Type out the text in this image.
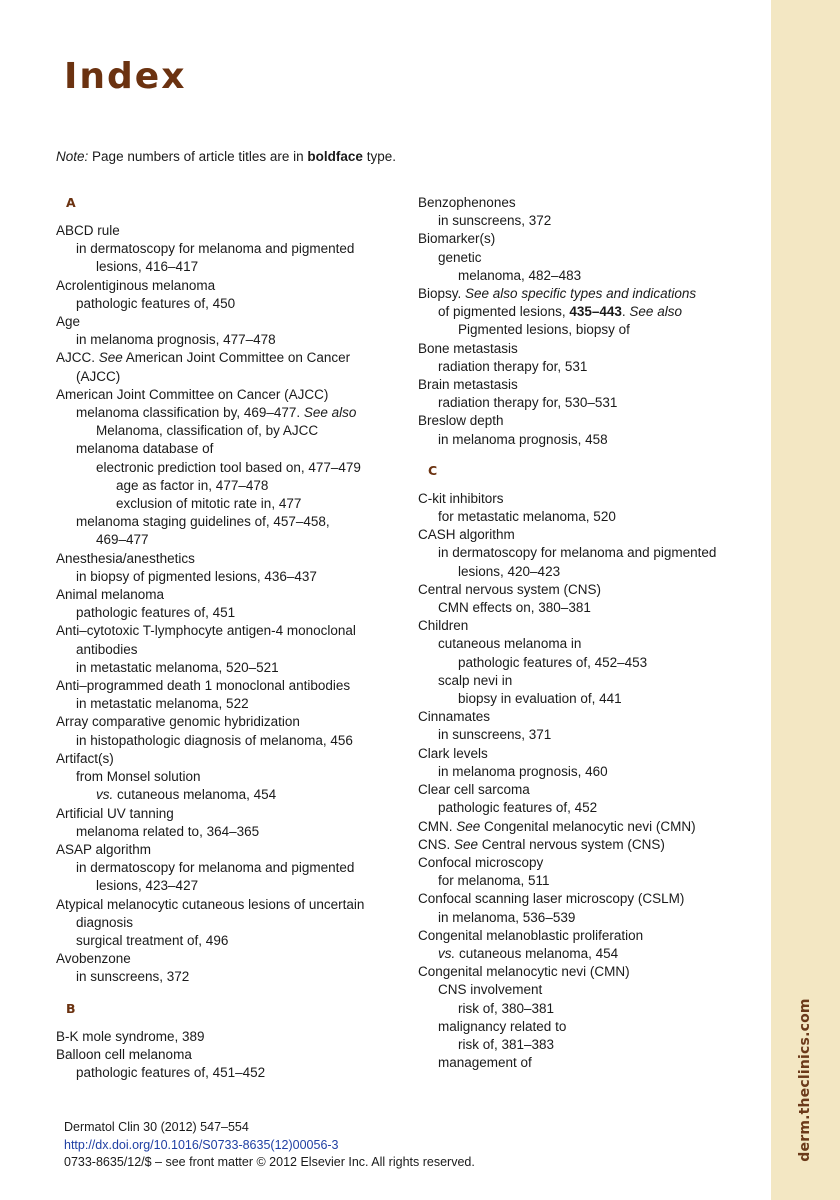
derm.theclinics.com
Index
Note: Page numbers of article titles are in boldface type.
A
ABCD rule
in dermatoscopy for melanoma and pigmented
lesions, 416–417
Acrolentiginous melanoma
pathologic features of, 450
Age
in melanoma prognosis, 477–478
AJCC. See American Joint Committee on Cancer
(AJCC)
American Joint Committee on Cancer (AJCC)
melanoma classification by, 469–477. See also
Melanoma, classification of, by AJCC
melanoma database of
electronic prediction tool based on, 477–479
age as factor in, 477–478
exclusion of mitotic rate in, 477
melanoma staging guidelines of, 457–458,
469–477
Anesthesia/anesthetics
in biopsy of pigmented lesions, 436–437
Animal melanoma
pathologic features of, 451
Anti–cytotoxic T-lymphocyte antigen-4 monoclonal
antibodies
in metastatic melanoma, 520–521
Anti–programmed death 1 monoclonal antibodies
in metastatic melanoma, 522
Array comparative genomic hybridization
in histopathologic diagnosis of melanoma, 456
Artifact(s)
from Monsel solution
vs. cutaneous melanoma, 454
Artificial UV tanning
melanoma related to, 364–365
ASAP algorithm
in dermatoscopy for melanoma and pigmented
lesions, 423–427
Atypical melanocytic cutaneous lesions of uncertain
diagnosis
surgical treatment of, 496
Avobenzone
in sunscreens, 372
B
B-K mole syndrome, 389
Balloon cell melanoma
pathologic features of, 451–452
Benzophenones
in sunscreens, 372
Biomarker(s)
genetic
melanoma, 482–483
Biopsy. See also specific types and indications
of pigmented lesions, 435–443. See also
Pigmented lesions, biopsy of
Bone metastasis
radiation therapy for, 531
Brain metastasis
radiation therapy for, 530–531
Breslow depth
in melanoma prognosis, 458
C
C-kit inhibitors
for metastatic melanoma, 520
CASH algorithm
in dermatoscopy for melanoma and pigmented
lesions, 420–423
Central nervous system (CNS)
CMN effects on, 380–381
Children
cutaneous melanoma in
pathologic features of, 452–453
scalp nevi in
biopsy in evaluation of, 441
Cinnamates
in sunscreens, 371
Clark levels
in melanoma prognosis, 460
Clear cell sarcoma
pathologic features of, 452
CMN. See Congenital melanocytic nevi (CMN)
CNS. See Central nervous system (CNS)
Confocal microscopy
for melanoma, 511
Confocal scanning laser microscopy (CSLM)
in melanoma, 536–539
Congenital melanoblastic proliferation
vs. cutaneous melanoma, 454
Congenital melanocytic nevi (CMN)
CNS involvement
risk of, 380–381
malignancy related to
risk of, 381–383
management of
Dermatol Clin 30 (2012) 547–554
http://dx.doi.org/10.1016/S0733-8635(12)00056-3
0733-8635/12/$ – see front matter © 2012 Elsevier Inc. All rights reserved.
